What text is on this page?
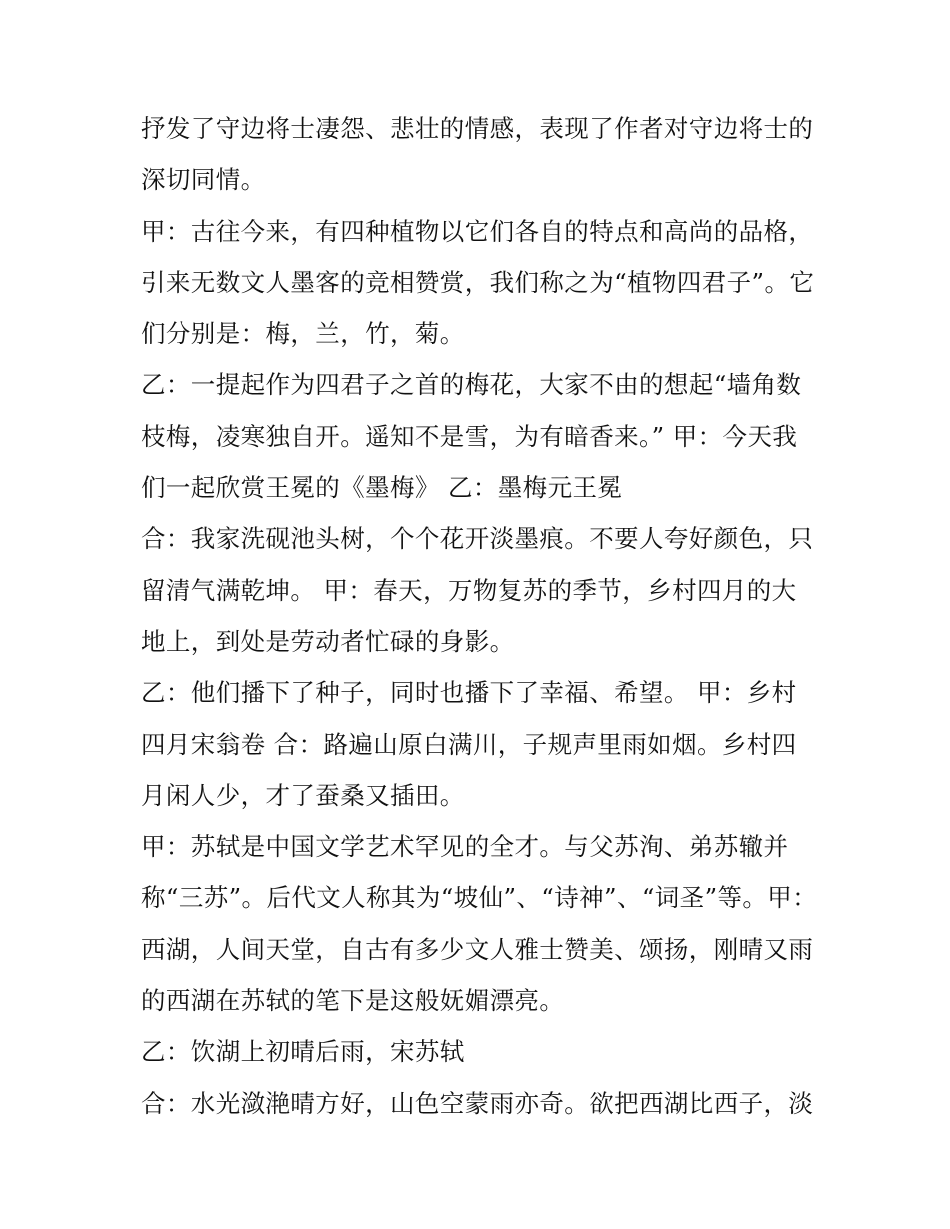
抒发了守边将士凄怨、悲壮的情感，表现了作者对守边将士的
深切同情。
甲：古往今来，有四种植物以它们各自的特点和高尚的品格，
引来无数文人墨客的竞相赞赏，我们称之为“植物四君子”。它
们分别是：梅，兰，竹，菊。
乙：一提起作为四君子之首的梅花，大家不由的想起“墙角数
枝梅，凌寒独自开。遥知不是雪，为有暗香来。” 甲：今天我
们一起欣赏王冕的《墨梅》 乙：墨梅元王冕
合：我家洗砚池头树，个个花开淡墨痕。不要人夸好颜色，只
留清气满乾坤。 甲：春天，万物复苏的季节，乡村四月的大
地上，到处是劳动者忙碌的身影。
乙：他们播下了种子，同时也播下了幸福、希望。 甲：乡村
四月宋翁卷 合：路遍山原白满川，子规声里雨如烟。乡村四
月闲人少，才了蚕桑又插田。
甲：苏轼是中国文学艺术罕见的全才。与父苏洵、弟苏辙并
称“三苏”。后代文人称其为“坡仙”、“诗神”、“词圣”等。甲：
西湖，人间天堂，自古有多少文人雅士赞美、颂扬，刚晴又雨
的西湖在苏轼的笔下是这般妩媚漂亮。
乙：饮湖上初晴后雨，宋苏轼
合：水光潋滟晴方好，山色空蒙雨亦奇。欲把西湖比西子，淡
